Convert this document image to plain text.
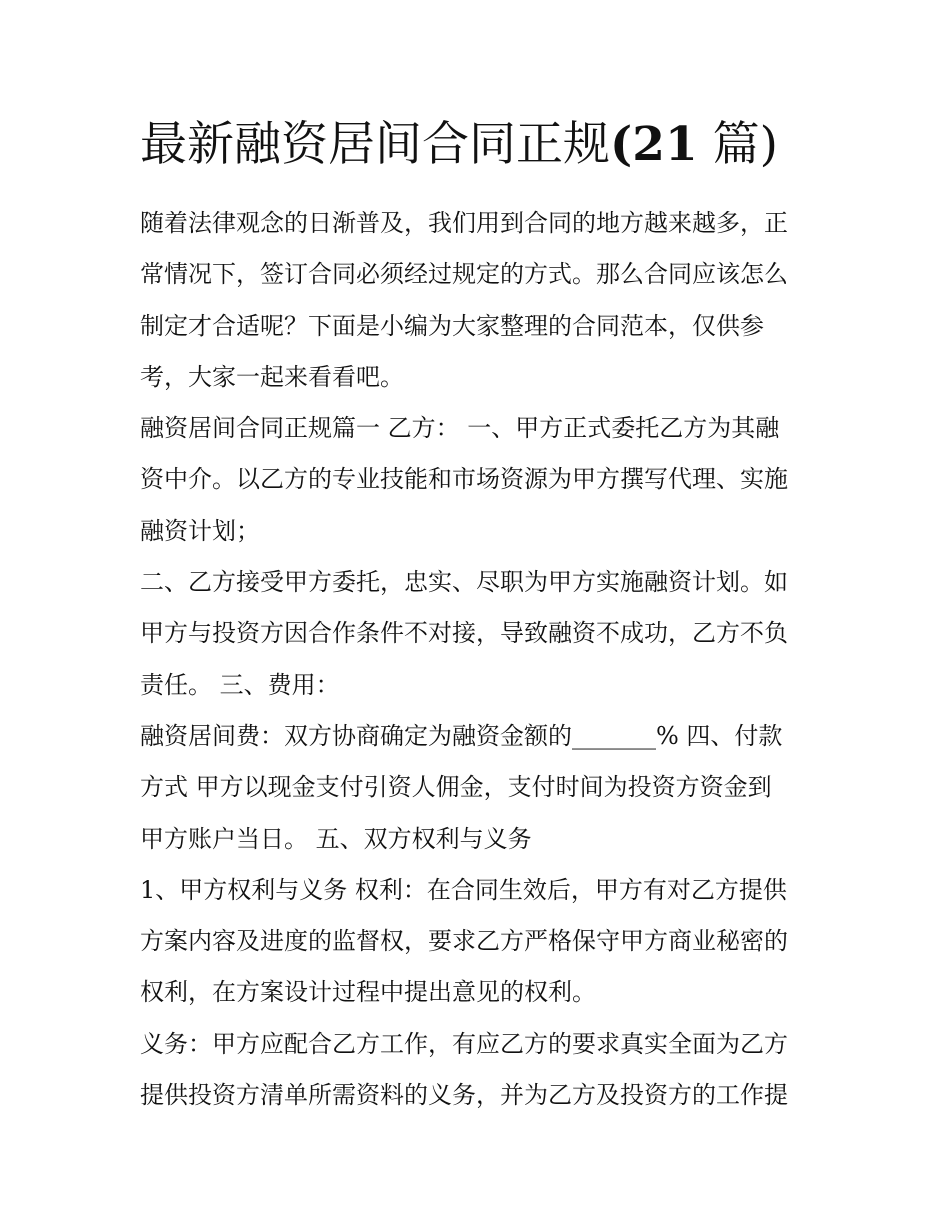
最新融资居间合同正规(21 篇)
随着法律观念的日渐普及，我们用到合同的地方越来越多，正
常情况下，签订合同必须经过规定的方式。那么合同应该怎么
制定才合适呢？下面是小编为大家整理的合同范本，仅供参
考，大家一起来看看吧。
融资居间合同正规篇一 乙方： 一、甲方正式委托乙方为其融
资中介。以乙方的专业技能和市场资源为甲方撰写代理、实施
融资计划；
二、乙方接受甲方委托，忠实、尽职为甲方实施融资计划。如
甲方与投资方因合作条件不对接，导致融资不成功，乙方不负
责任。 三、费用：
融资居间费：双方协商确定为融资金额的_______% 四、付款
方式 甲方以现金支付引资人佣金，支付时间为投资方资金到
甲方账户当日。 五、双方权利与义务
1、甲方权利与义务 权利：在合同生效后，甲方有对乙方提供
方案内容及进度的监督权，要求乙方严格保守甲方商业秘密的
权利，在方案设计过程中提出意见的权利。
义务：甲方应配合乙方工作，有应乙方的要求真实全面为乙方
提供投资方清单所需资料的义务，并为乙方及投资方的工作提
